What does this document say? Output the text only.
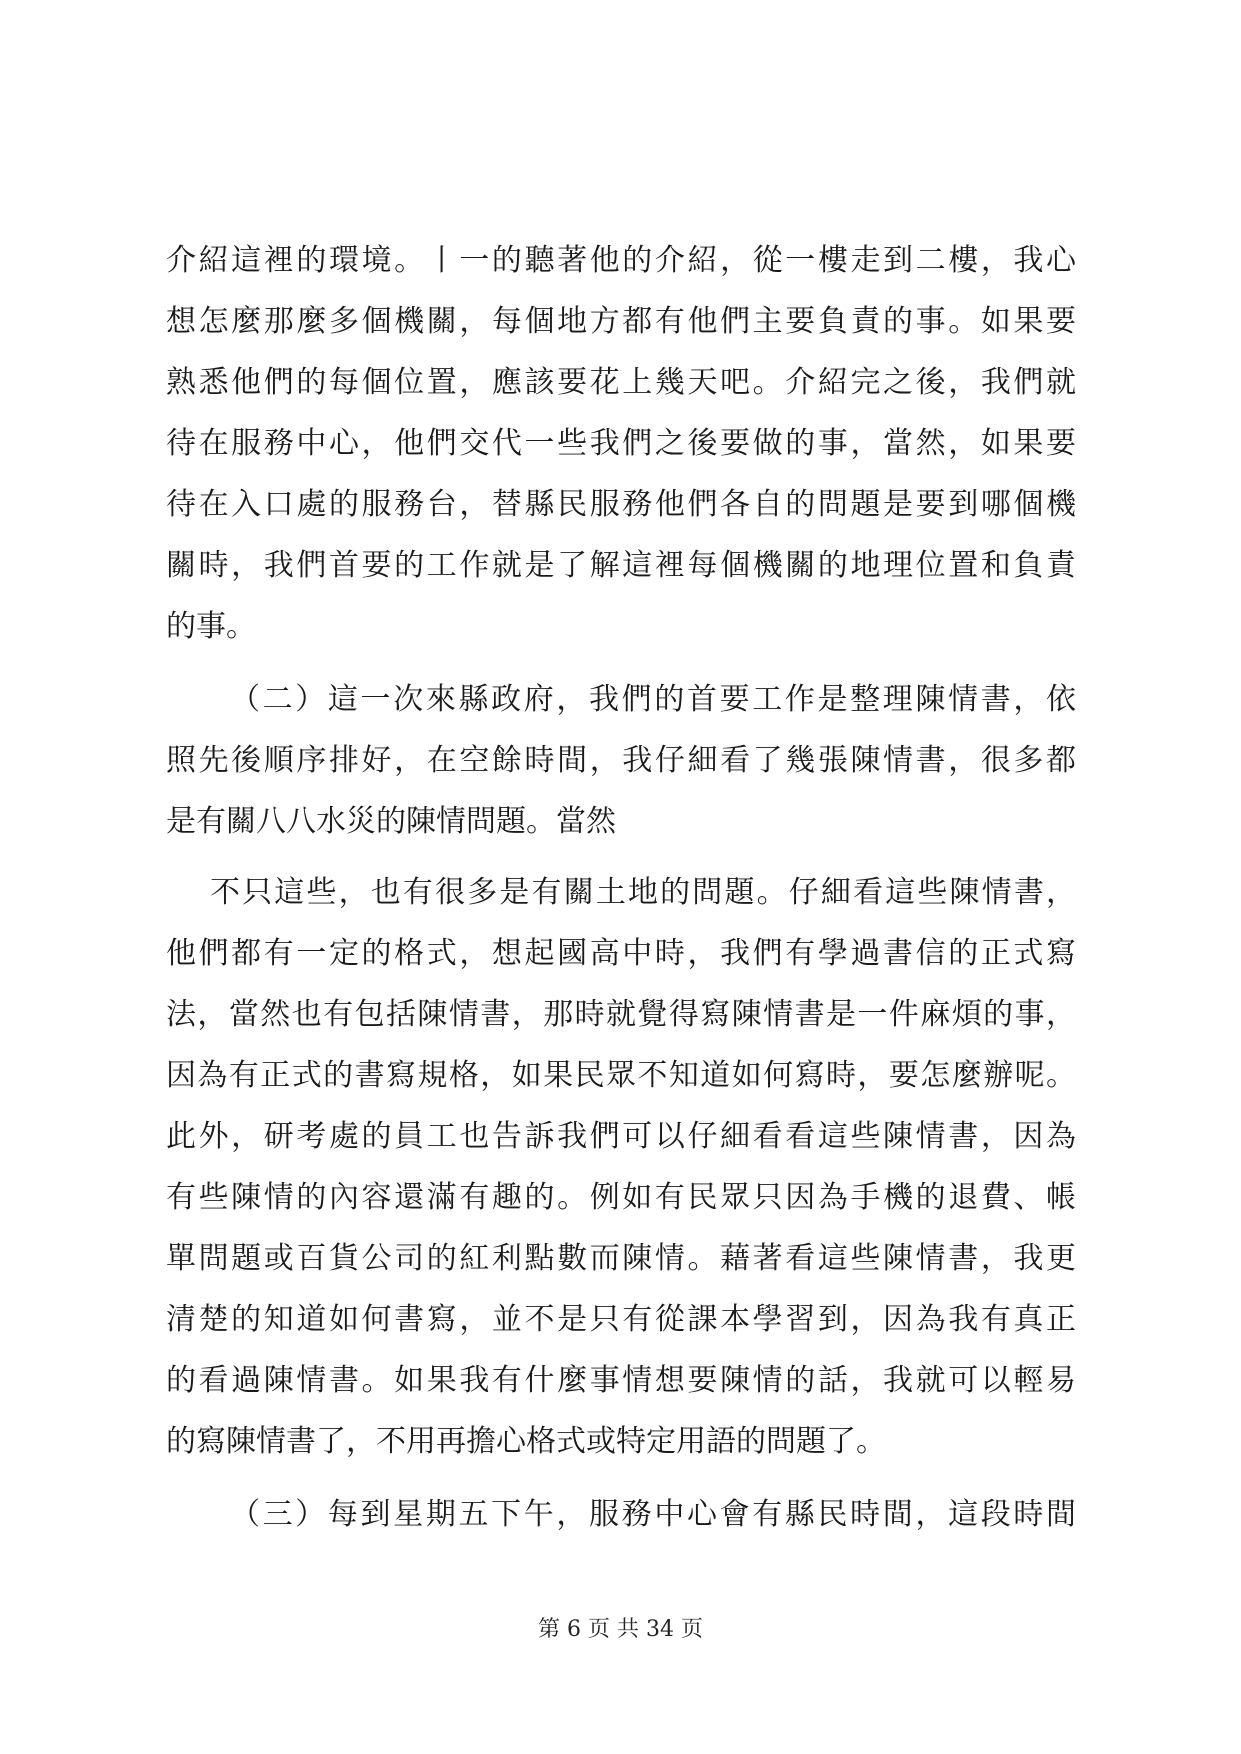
介紹這裡的環境。丨一的聽著他的介紹，從一樓走到二樓，我心
想怎麼那麼多個機關，每個地方都有他們主要負責的事。如果要
熟悉他們的每個位置，應該要花上幾天吧。介紹完之後，我們就
待在服務中心，他們交代一些我們之後要做的事，當然，如果要
待在入口處的服務台，替縣民服務他們各自的問題是要到哪個機
關時，我們首要的工作就是了解這裡每個機關的地理位置和負責
的事。
（二）這一次來縣政府，我們的首要工作是整理陳情書，依
照先後順序排好，在空餘時間，我仔細看了幾張陳情書，很多都
是有關八八水災的陳情問題。當然
不只這些，也有很多是有關土地的問題。仔細看這些陳情書，
他們都有一定的格式，想起國高中時，我們有學過書信的正式寫
法，當然也有包括陳情書，那時就覺得寫陳情書是一件麻煩的事，
因為有正式的書寫規格，如果民眾不知道如何寫時，要怎麼辦呢。
此外，研考處的員工也告訴我們可以仔細看看這些陳情書，因為
有些陳情的內容還滿有趣的。例如有民眾只因為手機的退費、帳
單問題或百貨公司的紅利點數而陳情。藉著看這些陳情書，我更
清楚的知道如何書寫，並不是只有從課本學習到，因為我有真正
的看過陳情書。如果我有什麼事情想要陳情的話，我就可以輕易
的寫陳情書了，不用再擔心格式或特定用語的問題了。
（三）每到星期五下午，服務中心會有縣民時間，這段時間
第 6 页 共 34 页
